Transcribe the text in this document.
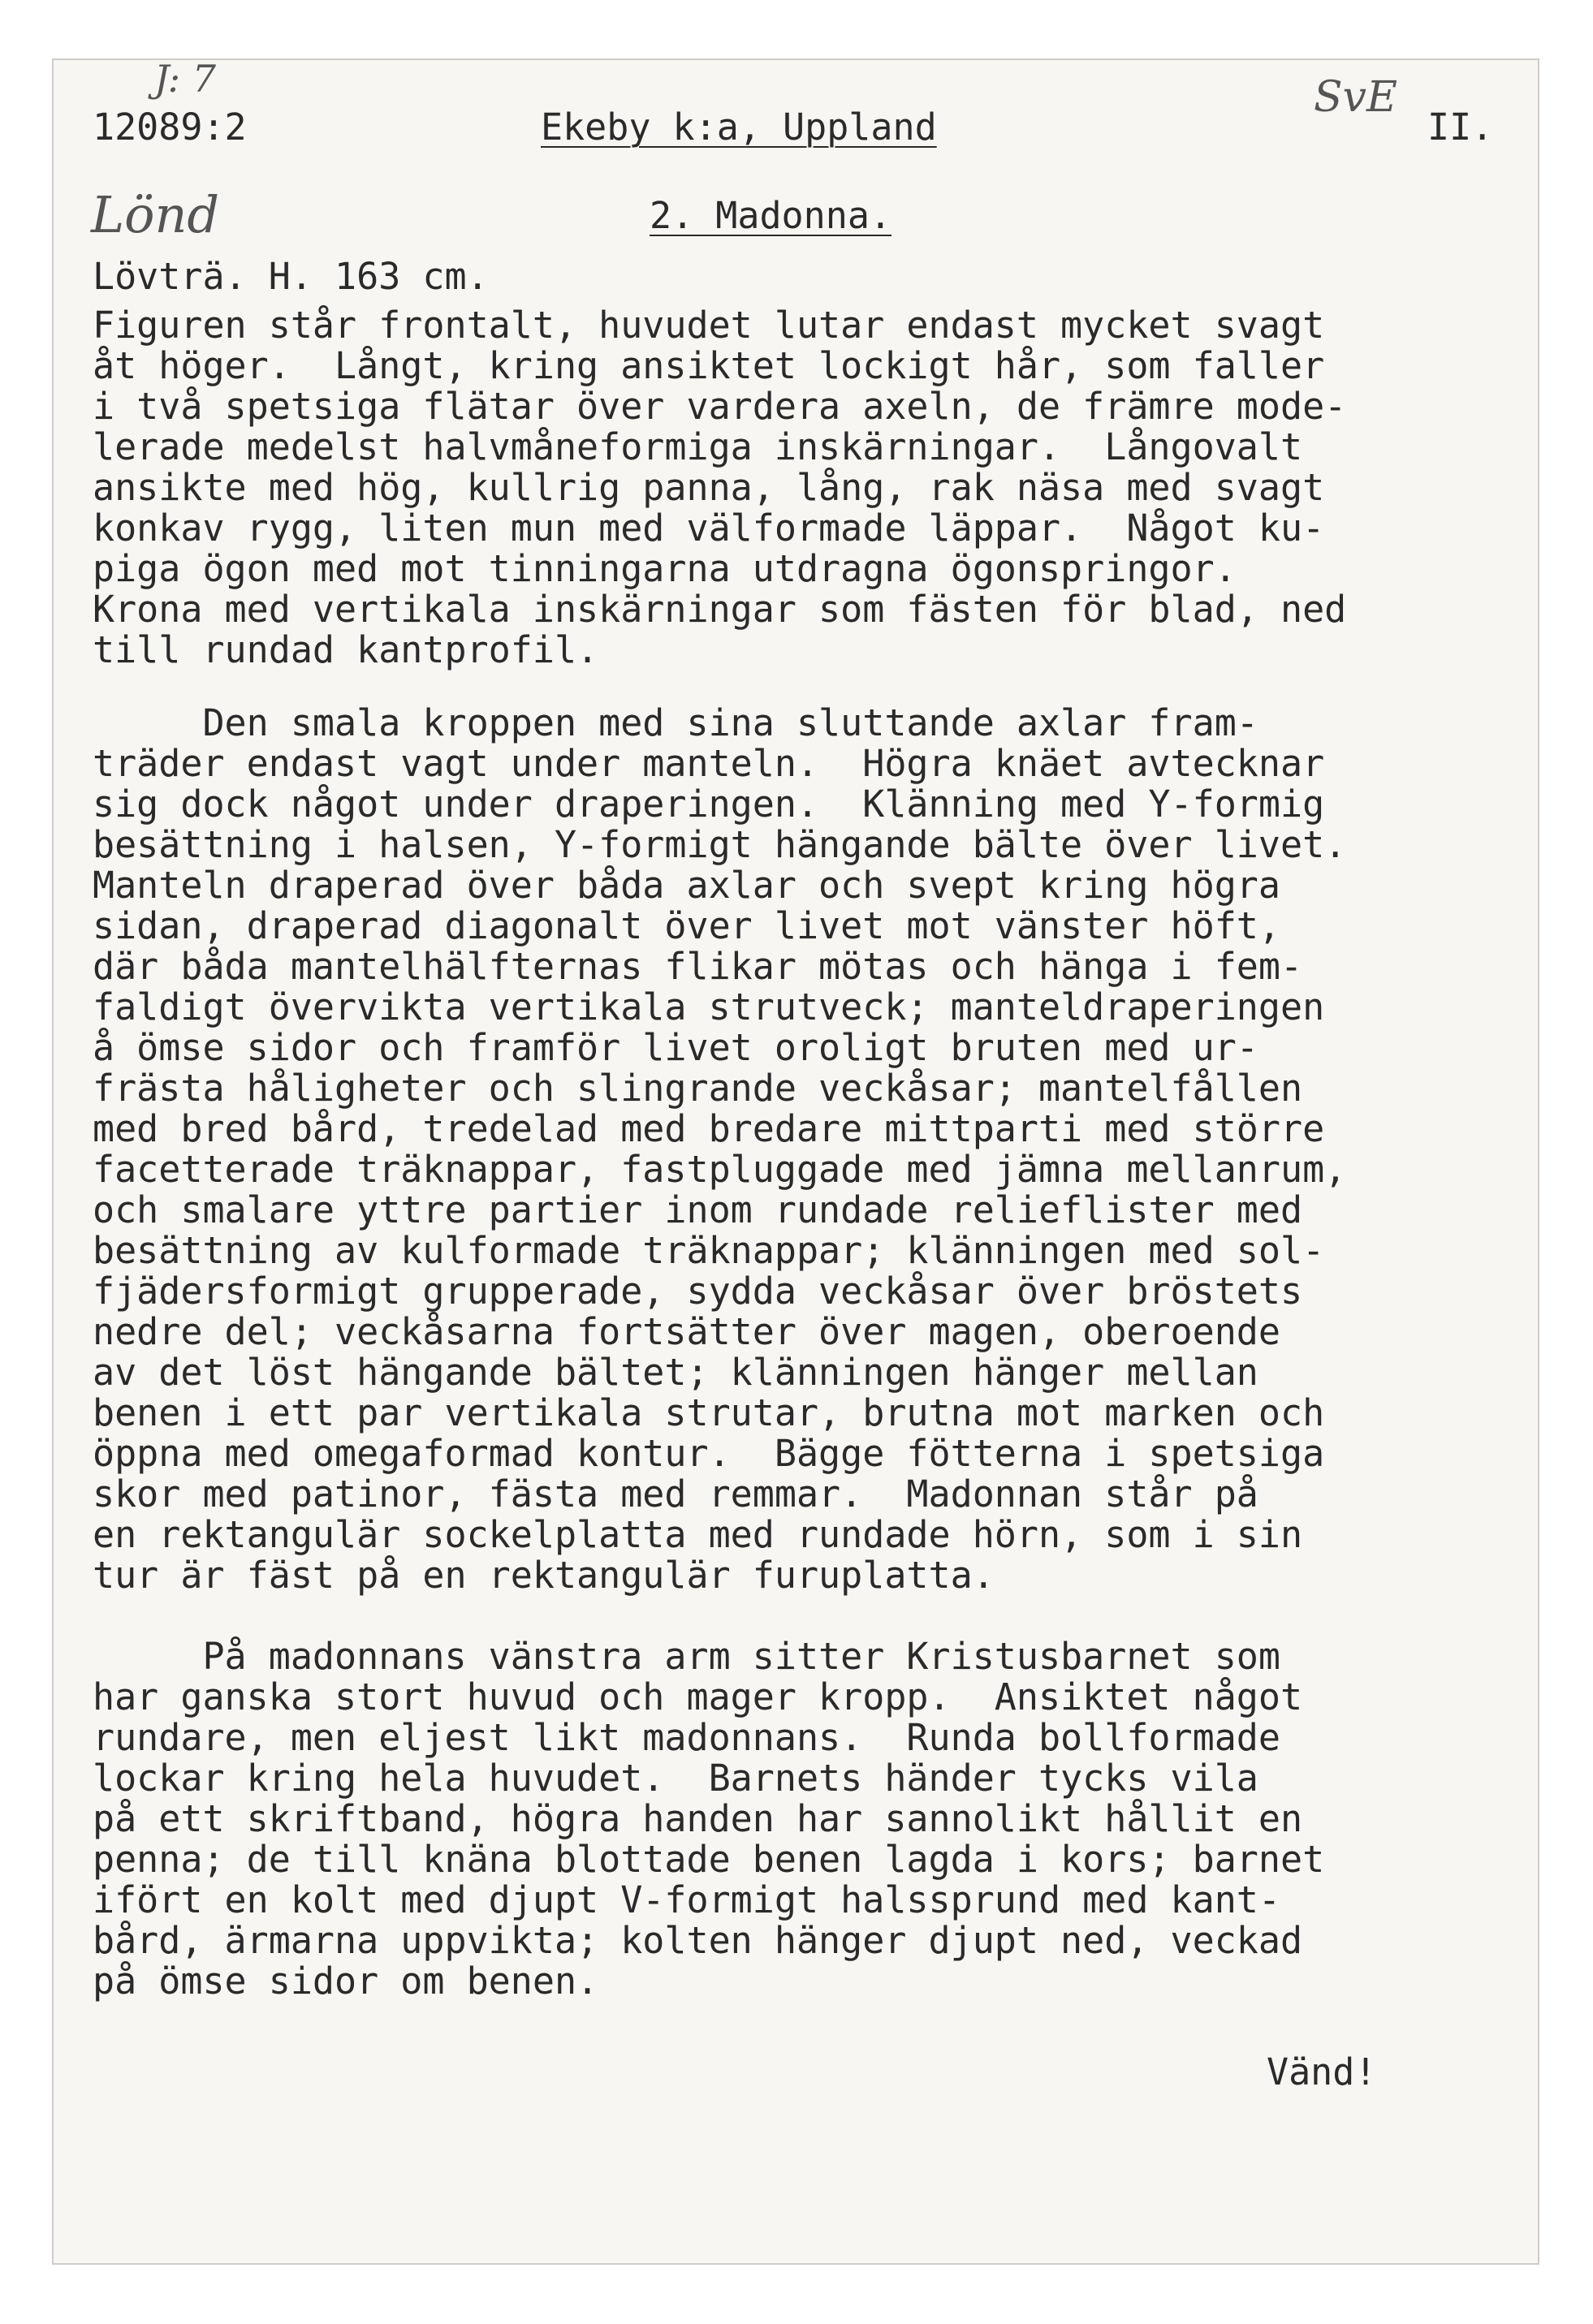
J: 7
12089:2	Ekeby k:a, Uppland
SvE
II.
Lönd	2. Madonna.
Lövträ. H. 163 cm.
Figuren står frontalt, huvudet lutar endast mycket svagt
åt höger.  Långt, kring ansiktet lockigt hår, som faller
i två spetsiga flätar över vardera axeln, de främre mode-
lerade medelst halvmåneformiga inskärningar.  Långovalt
ansikte med hög, kullrig panna, lång, rak näsa med svagt
konkav rygg, liten mun med välformade läppar.  Något ku-
piga ögon med mot tinningarna utdragna ögonspringor.
Krona med vertikala inskärningar som fästen för blad, ned
till rundad kantprofil.
Den smala kroppen med sina sluttande axlar fram-
träder endast vagt under manteln.  Högra knäet avtecknar
sig dock något under draperingen.  Klänning med Y-formig
besättning i halsen, Y-formigt hängande bälte över livet.
Manteln draperad över båda axlar och svept kring högra
sidan, draperad diagonalt över livet mot vänster höft,
där båda mantelhälfternas flikar mötas och hänga i fem-
faldigt övervikta vertikala strutveck; manteldraperingen
å ömse sidor och framför livet oroligt bruten med ur-
frästa håligheter och slingrande veckåsar; mantelfållen
med bred bård, tredelad med bredare mittparti med större
facetterade träknappar, fastpluggade med jämna mellanrum,
och smalare yttre partier inom rundade relieflister med
besättning av kulformade träknappar; klänningen med sol-
fjädersformigt grupperade, sydda veckåsar över bröstets
nedre del; veckåsarna fortsätter över magen, oberoende
av det löst hängande bältet; klänningen hänger mellan
benen i ett par vertikala strutar, brutna mot marken och
öppna med omegaformad kontur.  Bägge fötterna i spetsiga
skor med patinor, fästa med remmar.  Madonnan står på
en rektangulär sockelplatta med rundade hörn, som i sin
tur är fäst på en rektangulär furuplatta.
På madonnans vänstra arm sitter Kristusbarnet som
har ganska stort huvud och mager kropp.  Ansiktet något
rundare, men eljest likt madonnans.  Runda bollformade
lockar kring hela huvudet.  Barnets händer tycks vila
på ett skriftband, högra handen har sannolikt hållit en
penna; de till knäna blottade benen lagda i kors; barnet
ifört en kolt med djupt V-formigt halssprund med kant-
bård, ärmarna uppvikta; kolten hänger djupt ned, veckad
på ömse sidor om benen.
Vänd!
